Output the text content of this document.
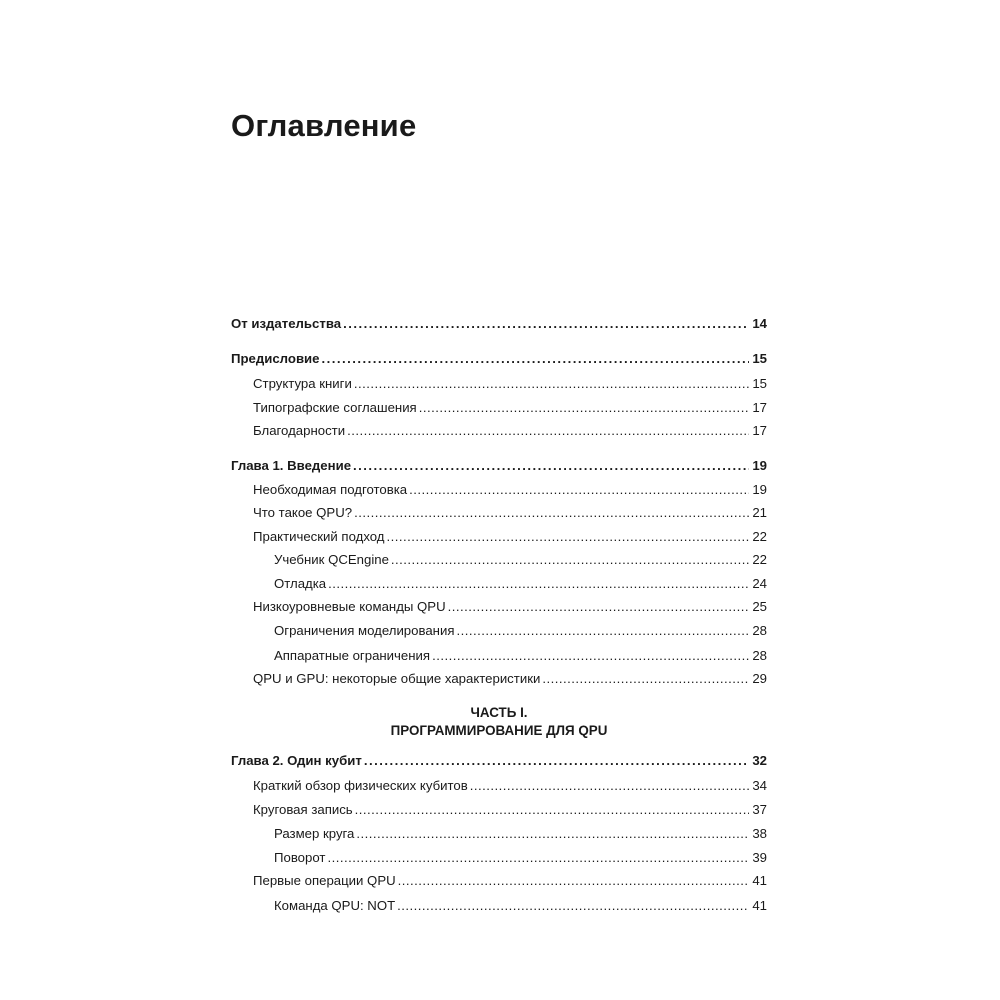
Оглавление
От издательства . . .	14
Предисловие . . .	15
Структура книги . . .	15
Типографские соглашения . . .	17
Благодарности . . .	17
Глава 1. Введение . . .	19
Необходимая подготовка . . .	19
Что такое QPU? . . .	21
Практический подход . . .	22
Учебник QCEngine . . .	22
Отладка . . .	24
Низкоуровневые команды QPU . . .	25
Ограничения моделирования . . .	28
Аппаратные ограничения . . .	28
QPU и GPU: некоторые общие характеристики . . .	29
ЧАСТЬ I.
ПРОГРАММИРОВАНИЕ ДЛЯ QPU
Глава 2. Один кубит . . .	32
Краткий обзор физических кубитов . . .	34
Круговая запись . . .	37
Размер круга . . .	38
Поворот . . .	39
Первые операции QPU . . .	41
Команда QPU: NOT . . .	41
